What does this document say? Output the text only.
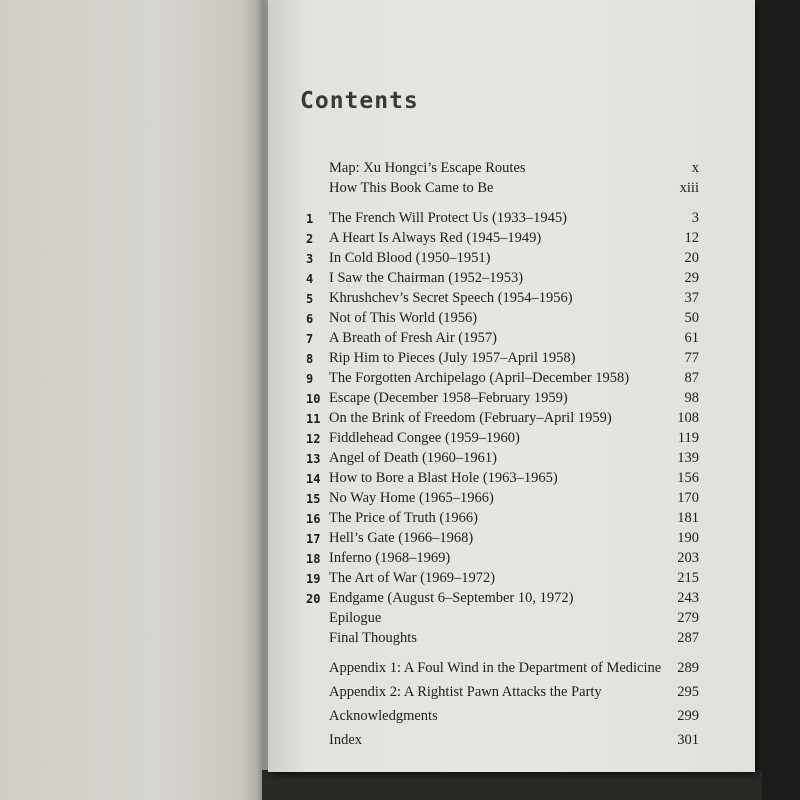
Contents
Map: Xu Hongci’s Escape Routes	x
How This Book Came to Be	xiii
1	The French Will Protect Us (1933–1945)	3
2	A Heart Is Always Red (1945–1949)	12
3	In Cold Blood (1950–1951)	20
4	I Saw the Chairman (1952–1953)	29
5	Khrushchev’s Secret Speech (1954–1956)	37
6	Not of This World (1956)	50
7	A Breath of Fresh Air (1957)	61
8	Rip Him to Pieces (July 1957–April 1958)	77
9	The Forgotten Archipelago (April–December 1958)	87
10 Escape (December 1958–February 1959)	98
11 On the Brink of Freedom (February–April 1959)	108
12 Fiddlehead Congee (1959–1960)	119
13 Angel of Death (1960–1961)	139
14 How to Bore a Blast Hole (1963–1965)	156
15 No Way Home (1965–1966)	170
16 The Price of Truth (1966)	181
17 Hell’s Gate (1966–1968)	190
18 Inferno (1968–1969)	203
19 The Art of War (1969–1972)	215
20 Endgame (August 6–September 10, 1972)	243
Epilogue	279
Final Thoughts	287
Appendix 1: A Foul Wind in the Department of Medicine 289
Appendix 2: A Rightist Pawn Attacks the Party	295
Acknowledgments	299
Index	301
